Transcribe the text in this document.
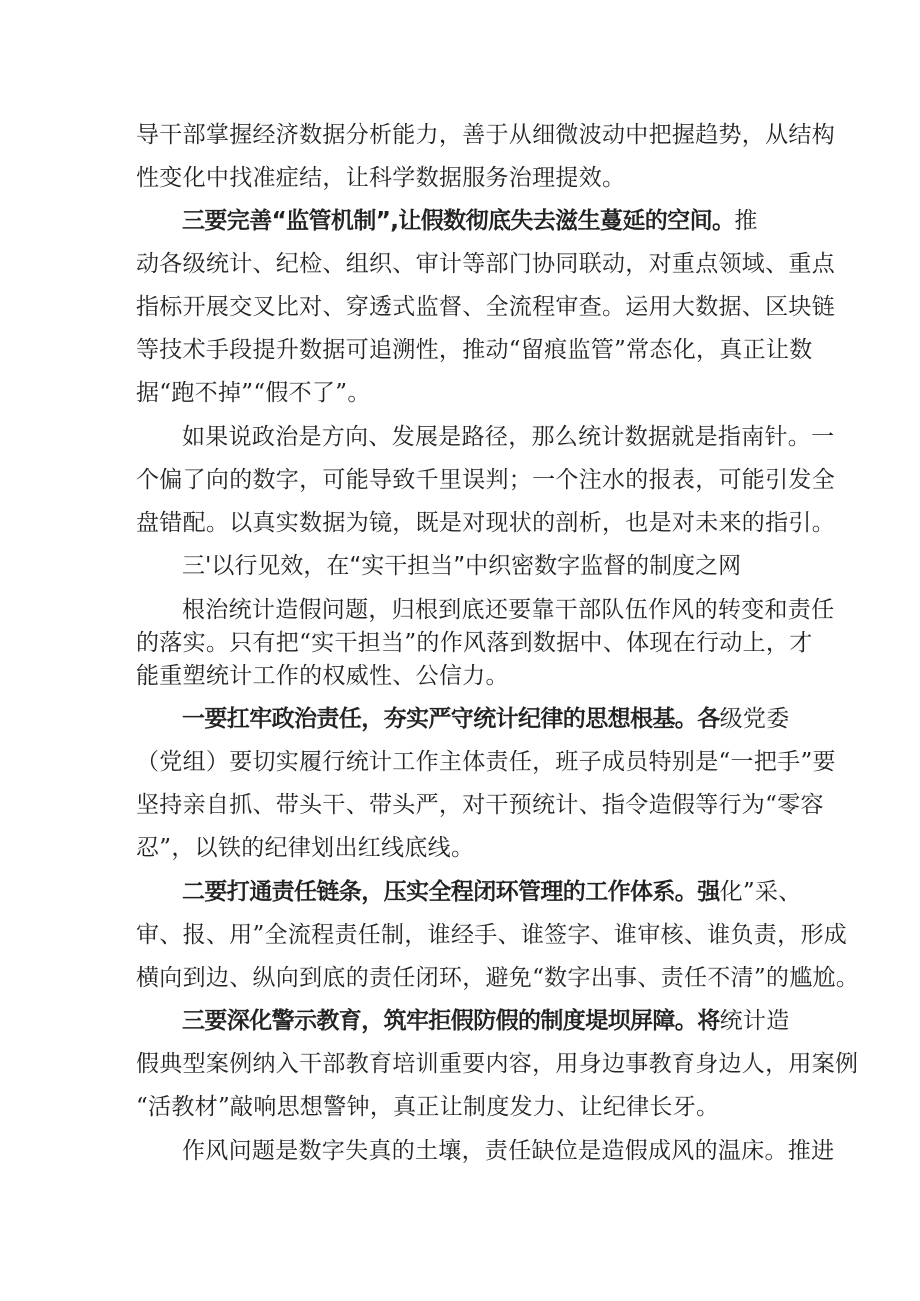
导干部掌握经济数据分析能力，善于从细微波动中把握趋势，从结构

性变化中找准症结，让科学数据服务治理提效。

三要完善“监管机制”,让假数彻底失去滋生蔓延的空间。推

动各级统计、纪检、组织、审计等部门协同联动，对重点领域、重点

指标开展交叉比对、穿透式监督、全流程审查。运用大数据、区块链

等技术手段提升数据可追溯性，推动“留痕监管”常态化，真正让数

据“跑不掉”“假不了”。

如果说政治是方向、发展是路径，那么统计数据就是指南针。一

个偏了向的数字，可能导致千里误判；一个注水的报表，可能引发全

盘错配。以真实数据为镜，既是对现状的剖析，也是对未来的指引。

三'以行见效，在“实干担当”中织密数字监督的制度之网

根治统计造假问题，归根到底还要靠干部队伍作风的转变和责任

的落实。只有把“实干担当”的作风落到数据中、体现在行动上，才

能重塑统计工作的权威性、公信力。

一要扛牢政治责任，夯实严守统计纪律的思想根基。各级党委

（党组）要切实履行统计工作主体责任，班子成员特别是“一把手”要

坚持亲自抓、带头干、带头严，对干预统计、指令造假等行为“零容

忍”，以铁的纪律划出红线底线。

二要打通责任链条，压实全程闭环管理的工作体系。强化”采、

审、报、用”全流程责任制，谁经手、谁签字、谁审核、谁负责，形成

横向到边、纵向到底的责任闭环，避免“数字出事、责任不清”的尴尬。

三要深化警示教育，筑牢拒假防假的制度堤坝屏障。将统计造

假典型案例纳入干部教育培训重要内容，用身边事教育身边人，用案例

“活教材”敲响思想警钟，真正让制度发力、让纪律长牙。

作风问题是数字失真的土壤，责任缺位是造假成风的温床。推进
